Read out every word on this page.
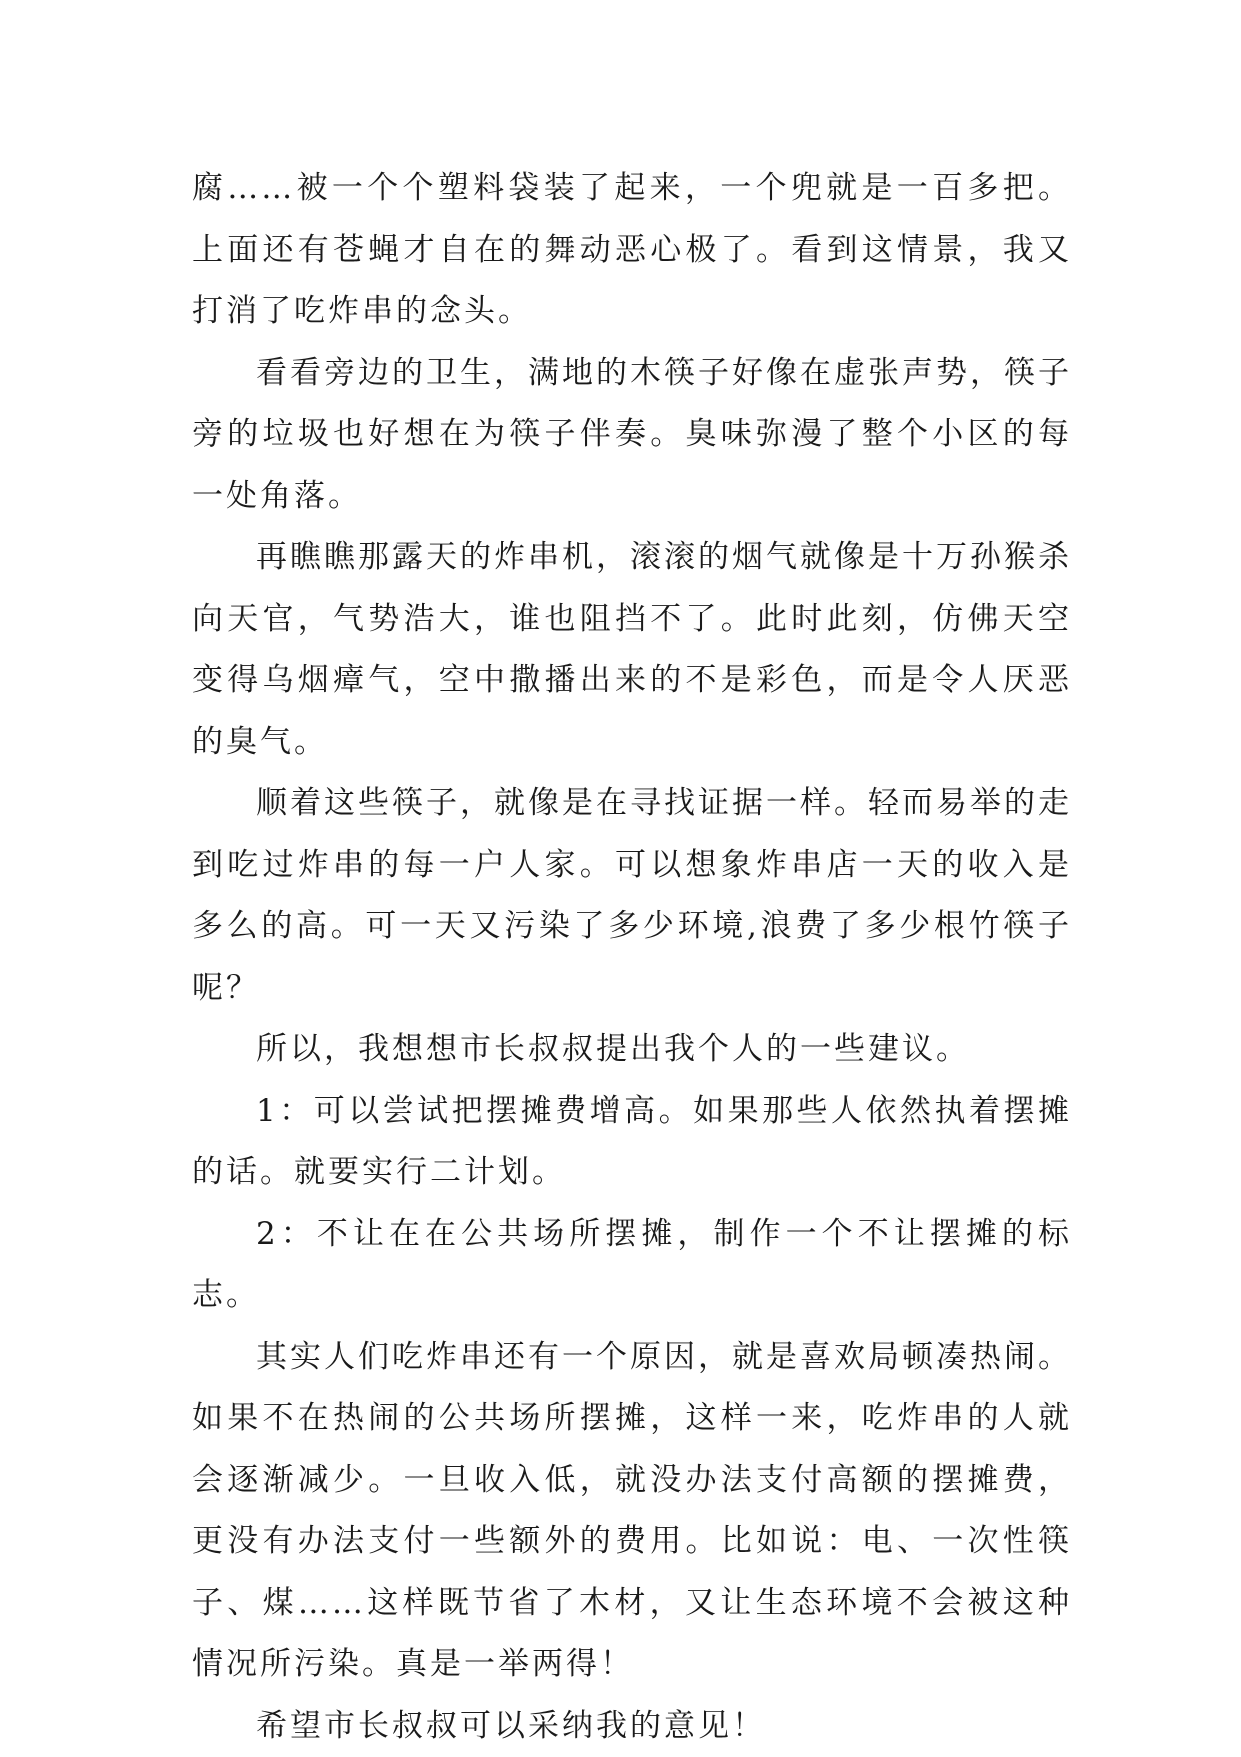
腐……被一个个塑料袋装了起来，一个兜就是一百多把。上面还有苍蝇才自在的舞动恶心极了。看到这情景，我又打消了吃炸串的念头。

看看旁边的卫生，满地的木筷子好像在虚张声势，筷子旁的垃圾也好想在为筷子伴奏。臭味弥漫了整个小区的每一处角落。

再瞧瞧那露天的炸串机，滚滚的烟气就像是十万孙猴杀向天官，气势浩大，谁也阻挡不了。此时此刻，仿佛天空变得乌烟瘴气，空中撒播出来的不是彩色，而是令人厌恶的臭气。

顺着这些筷子，就像是在寻找证据一样。轻而易举的走到吃过炸串的每一户人家。可以想象炸串店一天的收入是多么的高。可一天又污染了多少环境,浪费了多少根竹筷子呢？

所以，我想想市长叔叔提出我个人的一些建议。

1：可以尝试把摆摊费增高。如果那些人依然执着摆摊的话。就要实行二计划。

2：不让在在公共场所摆摊，制作一个不让摆摊的标志。

其实人们吃炸串还有一个原因，就是喜欢局顿凑热闹。如果不在热闹的公共场所摆摊，这样一来，吃炸串的人就会逐渐减少。一旦收入低，就没办法支付高额的摆摊费，更没有办法支付一些额外的费用。比如说：电、一次性筷子、煤……这样既节省了木材，又让生态环境不会被这种情况所污染。真是一举两得！

希望市长叔叔可以采纳我的意见！
